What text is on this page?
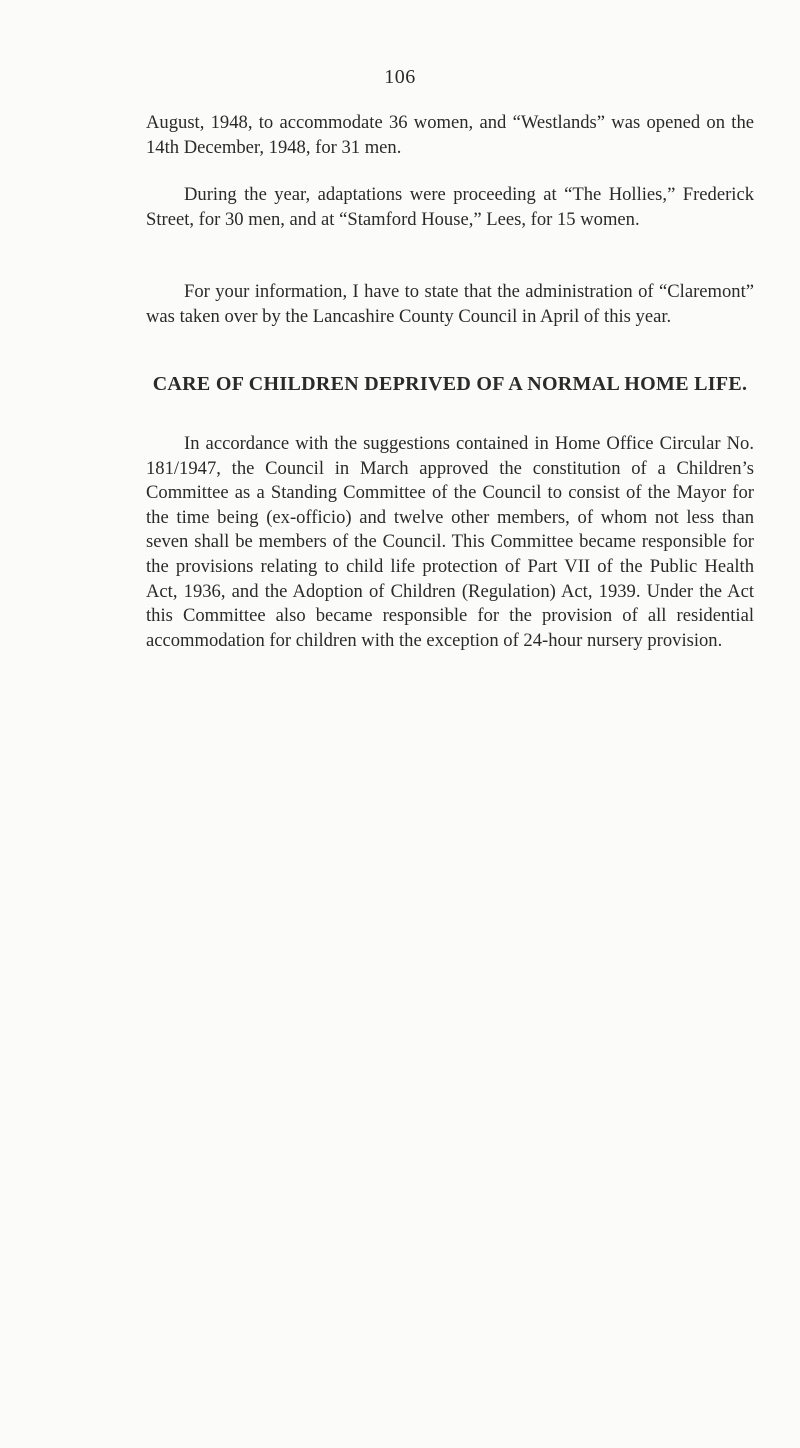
106

August, 1948, to accommodate 36 women, and “Westlands” was opened on the 14th December, 1948, for 31 men.

During the year, adaptations were proceeding at “The Hollies,” Frederick Street, for 30 men, and at “Stamford House,” Lees, for 15 women.

For your information, I have to state that the administration of “Claremont” was taken over by the Lancashire County Council in April of this year.

CARE OF CHILDREN DEPRIVED OF A NORMAL HOME LIFE.

In accordance with the suggestions contained in Home Office Circular No. 181/1947, the Council in March approved the constitution of a Children’s Committee as a Standing Committee of the Council to consist of the Mayor for the time being (ex-officio) and twelve other members, of whom not less than seven shall be members of the Council. This Committee became responsible for the provisions relating to child life protection of Part VII of the Public Health Act, 1936, and the Adoption of Children (Regulation) Act, 1939. Under the Act this Committee also became responsible for the provision of all residential accommodation for children with the exception of 24-hour nursery provision.
